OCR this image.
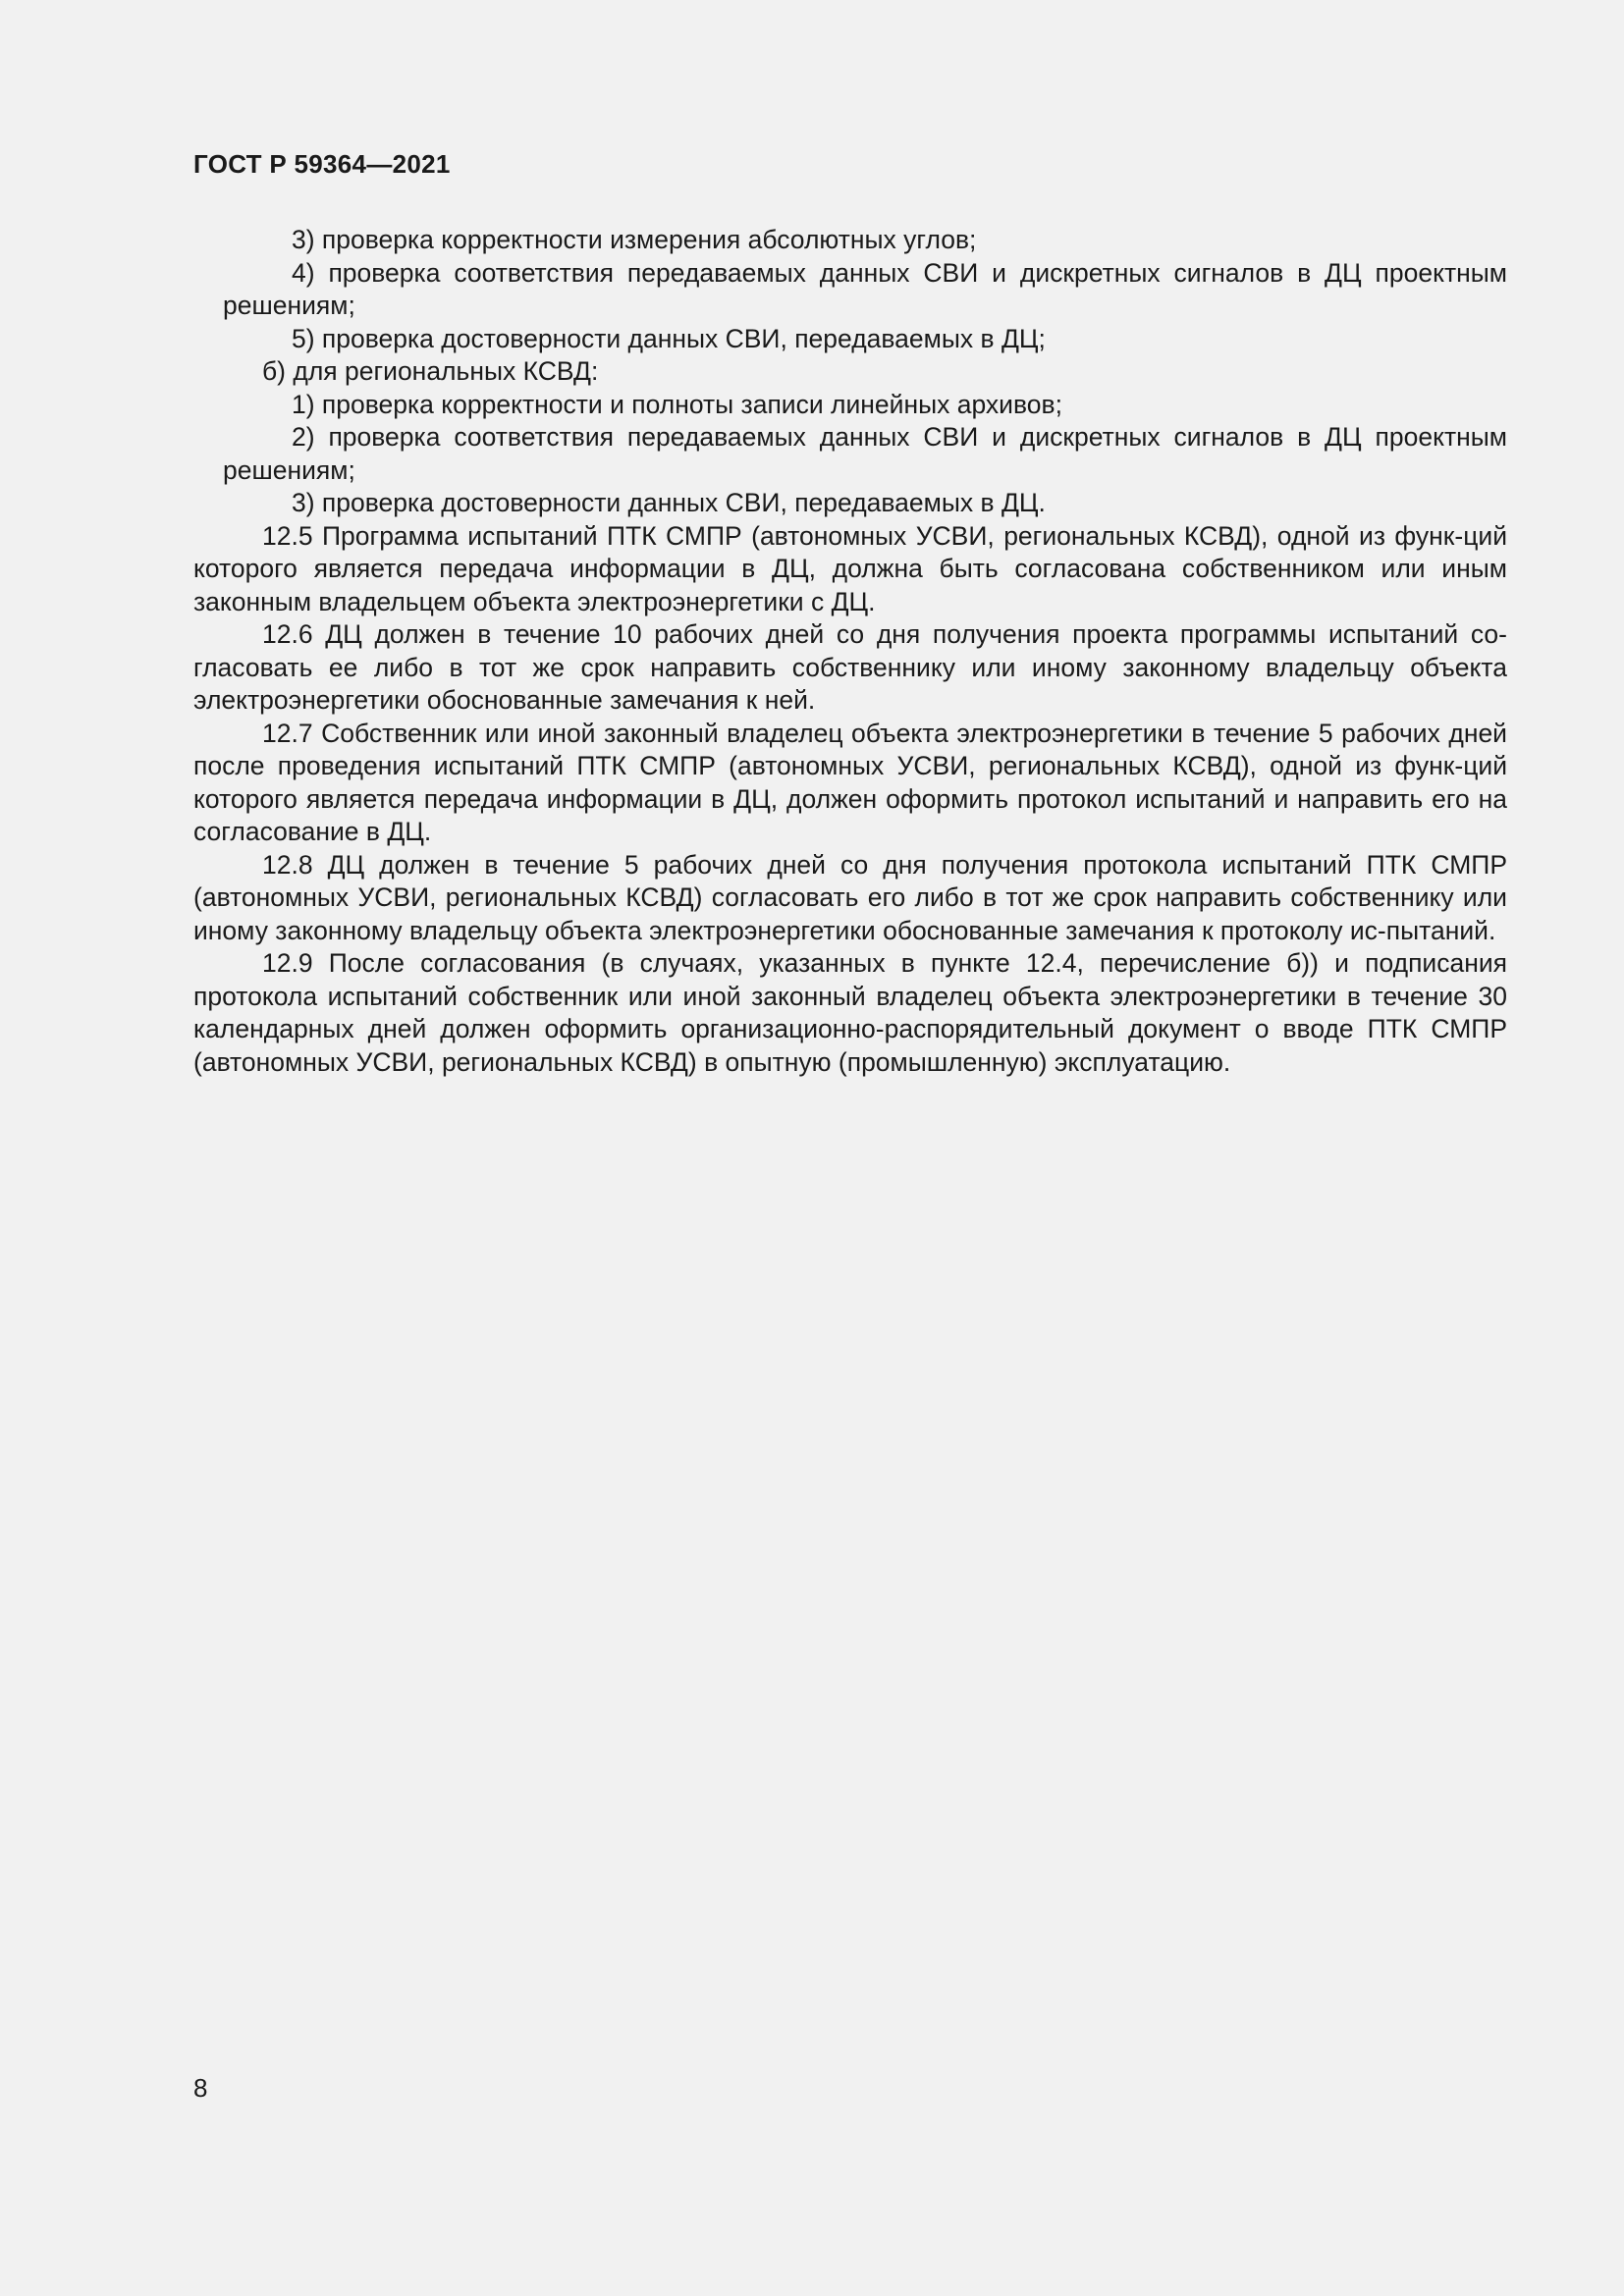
ГОСТ Р 59364—2021

3) проверка корректности измерения абсолютных углов;

4) проверка соответствия передаваемых данных СВИ и дискретных сигналов в ДЦ проектным решениям;

5) проверка достоверности данных СВИ, передаваемых в ДЦ;

б) для региональных КСВД:

1) проверка корректности и полноты записи линейных архивов;

2) проверка соответствия передаваемых данных СВИ и дискретных сигналов в ДЦ проектным решениям;

3) проверка достоверности данных СВИ, передаваемых в ДЦ.

12.5 Программа испытаний ПТК СМПР (автономных УСВИ, региональных КСВД), одной из функ-ций которого является передача информации в ДЦ, должна быть согласована собственником или иным законным владельцем объекта электроэнергетики с ДЦ.

12.6 ДЦ должен в течение 10 рабочих дней со дня получения проекта программы испытаний со-гласовать ее либо в тот же срок направить собственнику или иному законному владельцу объекта электроэнергетики обоснованные замечания к ней.

12.7 Собственник или иной законный владелец объекта электроэнергетики в течение 5 рабочих дней после проведения испытаний ПТК СМПР (автономных УСВИ, региональных КСВД), одной из функ-ций которого является передача информации в ДЦ, должен оформить протокол испытаний и направить его на согласование в ДЦ.

12.8 ДЦ должен в течение 5 рабочих дней со дня получения протокола испытаний ПТК СМПР (автономных УСВИ, региональных КСВД) согласовать его либо в тот же срок направить собственнику или иному законному владельцу объекта электроэнергетики обоснованные замечания к протоколу ис-пытаний.

12.9 После согласования (в случаях, указанных в пункте 12.4, перечисление б)) и подписания протокола испытаний собственник или иной законный владелец объекта электроэнергетики в течение 30 календарных дней должен оформить организационно-распорядительный документ о вводе ПТК СМПР (автономных УСВИ, региональных КСВД) в опытную (промышленную) эксплуатацию.

8
